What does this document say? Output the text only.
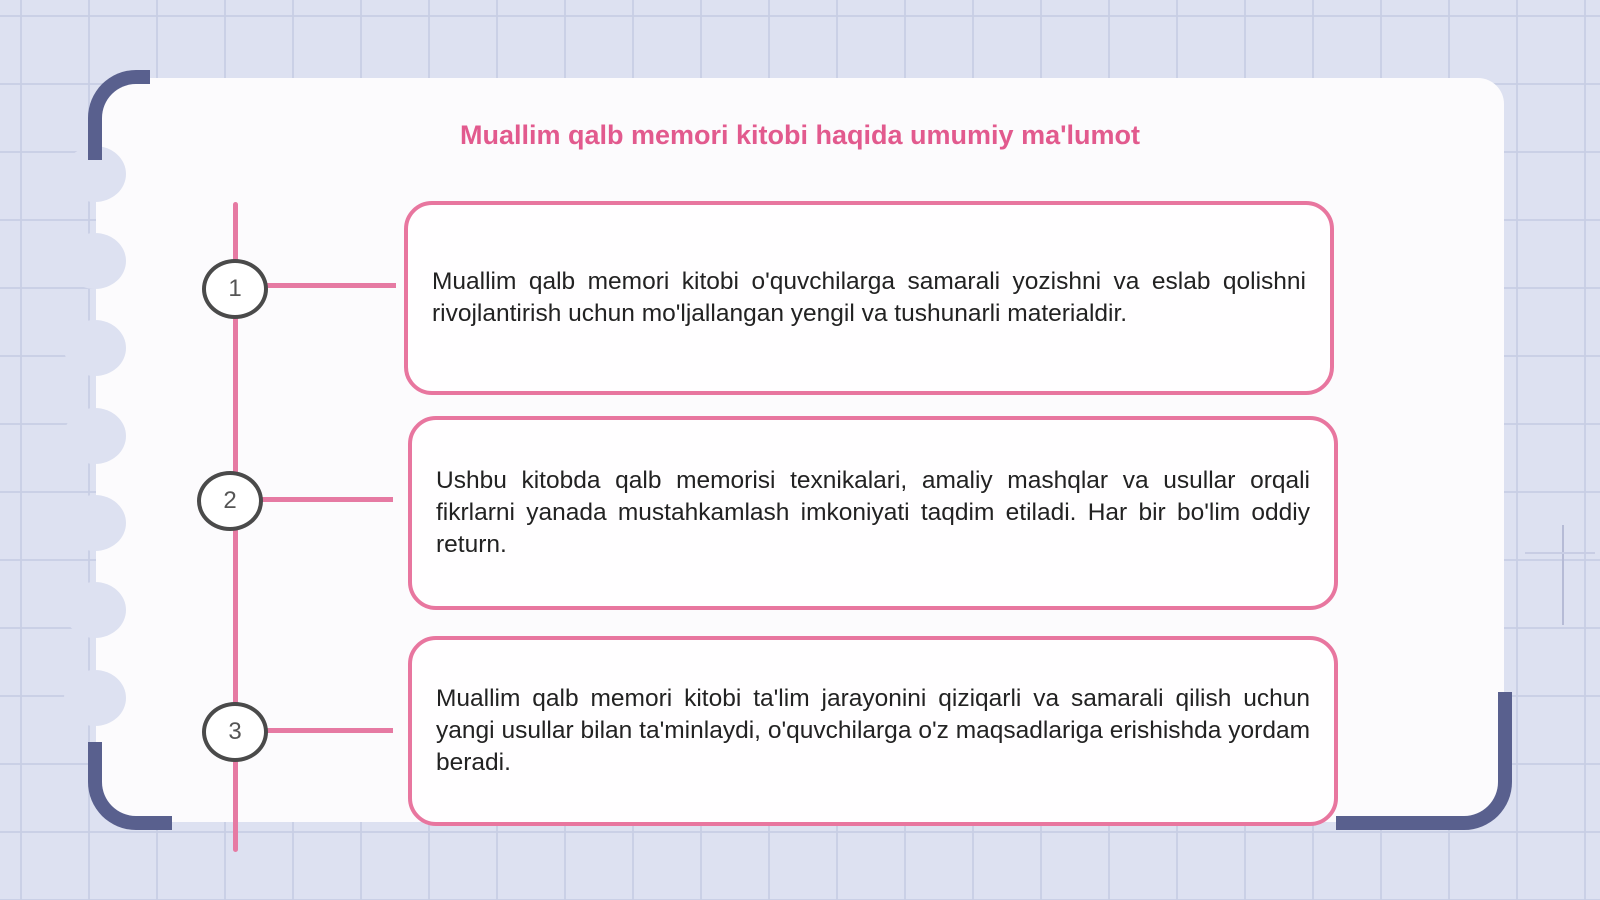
Muallim qalb memori kitobi haqida umumiy ma'lumot
1	Muallim qalb memori kitobi o'quvchilarga samarali yozishni va eslab qolishni rivojlantirish uchun mo'ljallangan yengil va tushunarli materialdir.

2

Ushbu kitobda qalb memorisi texnikalari, amaliy mashqlar va usullar orqali fikrlarni yanada mustahkamlash imkoniyati taqdim etiladi. Har bir bo'lim oddiy return.

3

Muallim qalb memori kitobi ta'lim jarayonini qiziqarli va samarali qilish uchun yangi usullar bilan ta'minlaydi, o'quvchilarga o'z maqsadlariga erishishda yordam beradi.
